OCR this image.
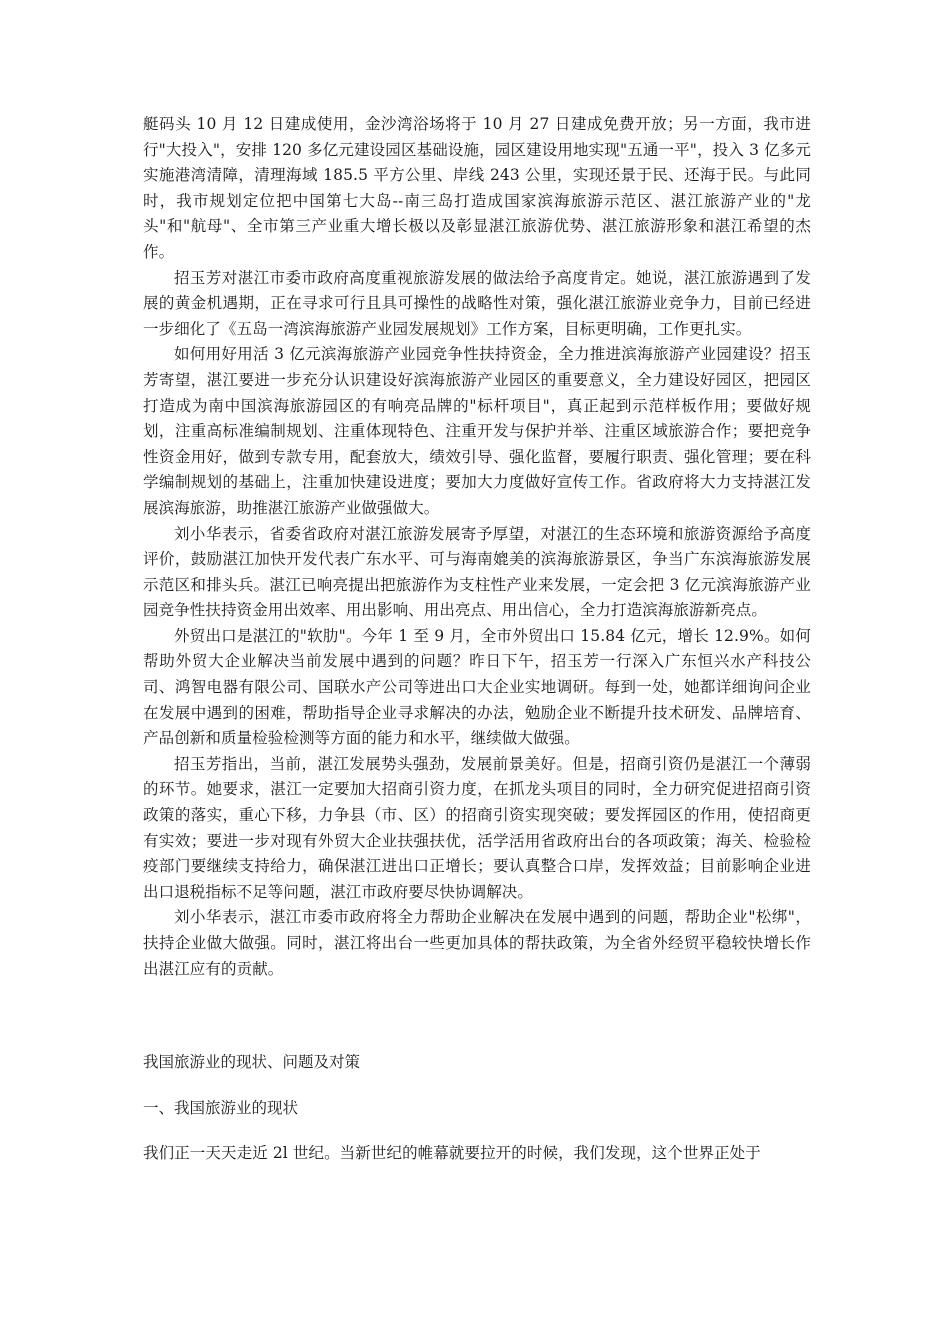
艇码头 10 月 12 日建成使用，金沙湾浴场将于 10 月 27 日建成免费开放；另一方面，我市进行"大投入"，安排 120 多亿元建设园区基础设施，园区建设用地实现"五通一平"，投入 3 亿多元实施港湾清障，清理海域 185.5 平方公里、岸线 243 公里，实现还景于民、还海于民。与此同时，我市规划定位把中国第七大岛--南三岛打造成国家滨海旅游示范区、湛江旅游产业的"龙头"和"航母"、全市第三产业重大增长极以及彰显湛江旅游优势、湛江旅游形象和湛江希望的杰作。

招玉芳对湛江市委市政府高度重视旅游发展的做法给予高度肯定。她说，湛江旅游遇到了发展的黄金机遇期，正在寻求可行且具可操性的战略性对策，强化湛江旅游业竞争力，目前已经进一步细化了《五岛一湾滨海旅游产业园发展规划》工作方案，目标更明确，工作更扎实。

如何用好用活 3 亿元滨海旅游产业园竞争性扶持资金，全力推进滨海旅游产业园建设？招玉芳寄望，湛江要进一步充分认识建设好滨海旅游产业园区的重要意义，全力建设好园区，把园区打造成为南中国滨海旅游园区的有响亮品牌的"标杆项目"，真正起到示范样板作用；要做好规划，注重高标准编制规划、注重体现特色、注重开发与保护并举、注重区域旅游合作；要把竞争性资金用好，做到专款专用，配套放大，绩效引导、强化监督，要履行职责、强化管理；要在科学编制规划的基础上，注重加快建设进度；要加大力度做好宣传工作。省政府将大力支持湛江发展滨海旅游，助推湛江旅游产业做强做大。

刘小华表示，省委省政府对湛江旅游发展寄予厚望，对湛江的生态环境和旅游资源给予高度评价，鼓励湛江加快开发代表广东水平、可与海南媲美的滨海旅游景区，争当广东滨海旅游发展示范区和排头兵。湛江已响亮提出把旅游作为支柱性产业来发展，一定会把 3 亿元滨海旅游产业园竞争性扶持资金用出效率、用出影响、用出亮点、用出信心，全力打造滨海旅游新亮点。

外贸出口是湛江的"软肋"。今年 1 至 9 月，全市外贸出口 15.84 亿元，增长 12.9%。如何帮助外贸大企业解决当前发展中遇到的问题？昨日下午，招玉芳一行深入广东恒兴水产科技公司、鸿智电器有限公司、国联水产公司等进出口大企业实地调研。每到一处，她都详细询问企业在发展中遇到的困难，帮助指导企业寻求解决的办法，勉励企业不断提升技术研发、品牌培育、产品创新和质量检验检测等方面的能力和水平，继续做大做强。

招玉芳指出，当前，湛江发展势头强劲，发展前景美好。但是，招商引资仍是湛江一个薄弱的环节。她要求，湛江一定要加大招商引资力度，在抓龙头项目的同时，全力研究促进招商引资政策的落实，重心下移，力争县（市、区）的招商引资实现突破；要发挥园区的作用，使招商更有实效；要进一步对现有外贸大企业扶强扶优，活学活用省政府出台的各项政策；海关、检验检疫部门要继续支持给力，确保湛江进出口正增长；要认真整合口岸，发挥效益；目前影响企业进出口退税指标不足等问题，湛江市政府要尽快协调解决。

刘小华表示，湛江市委市政府将全力帮助企业解决在发展中遇到的问题，帮助企业"松绑"，扶持企业做大做强。同时，湛江将出台一些更加具体的帮扶政策，为全省外经贸平稳较快增长作出湛江应有的贡献。

我国旅游业的现状、问题及对策

一、我国旅游业的现状

我们正一天天走近 2l 世纪。当新世纪的帷幕就要拉开的时候，我们发现，这个世界正处于
